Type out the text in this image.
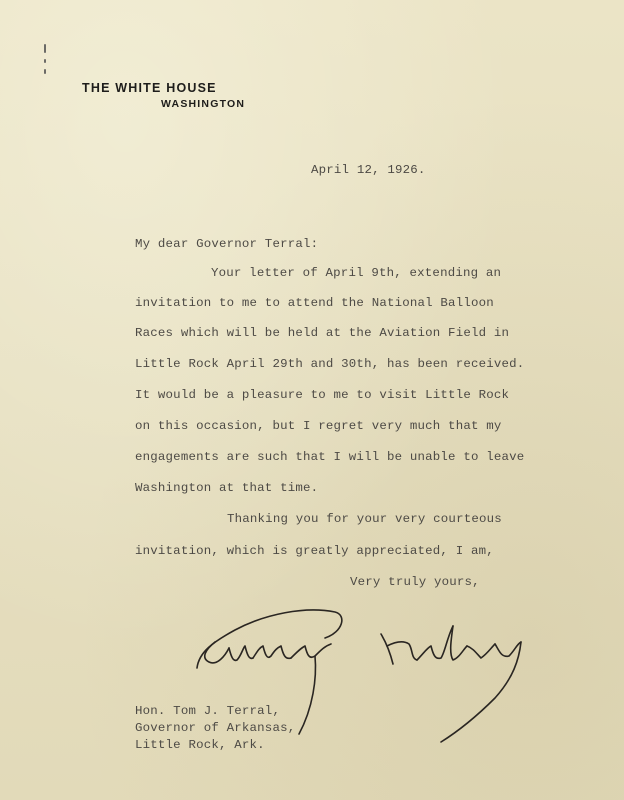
THE WHITE HOUSE
WASHINGTON
April 12, 1926.
My dear Governor Terral:
Your letter of April 9th, extending an
invitation to me to attend the National Balloon
Races which will be held at the Aviation Field in
Little Rock April 29th and 30th, has been received.
It would be a pleasure to me to visit Little Rock
on this occasion, but I regret very much that my
engagements are such that I will be unable to leave
Washington at that time.
Thanking you for your very courteous
invitation, which is greatly appreciated, I am,
Very truly yours,
Hon. Tom J. Terral,
Governor of Arkansas,
Little Rock, Ark.
